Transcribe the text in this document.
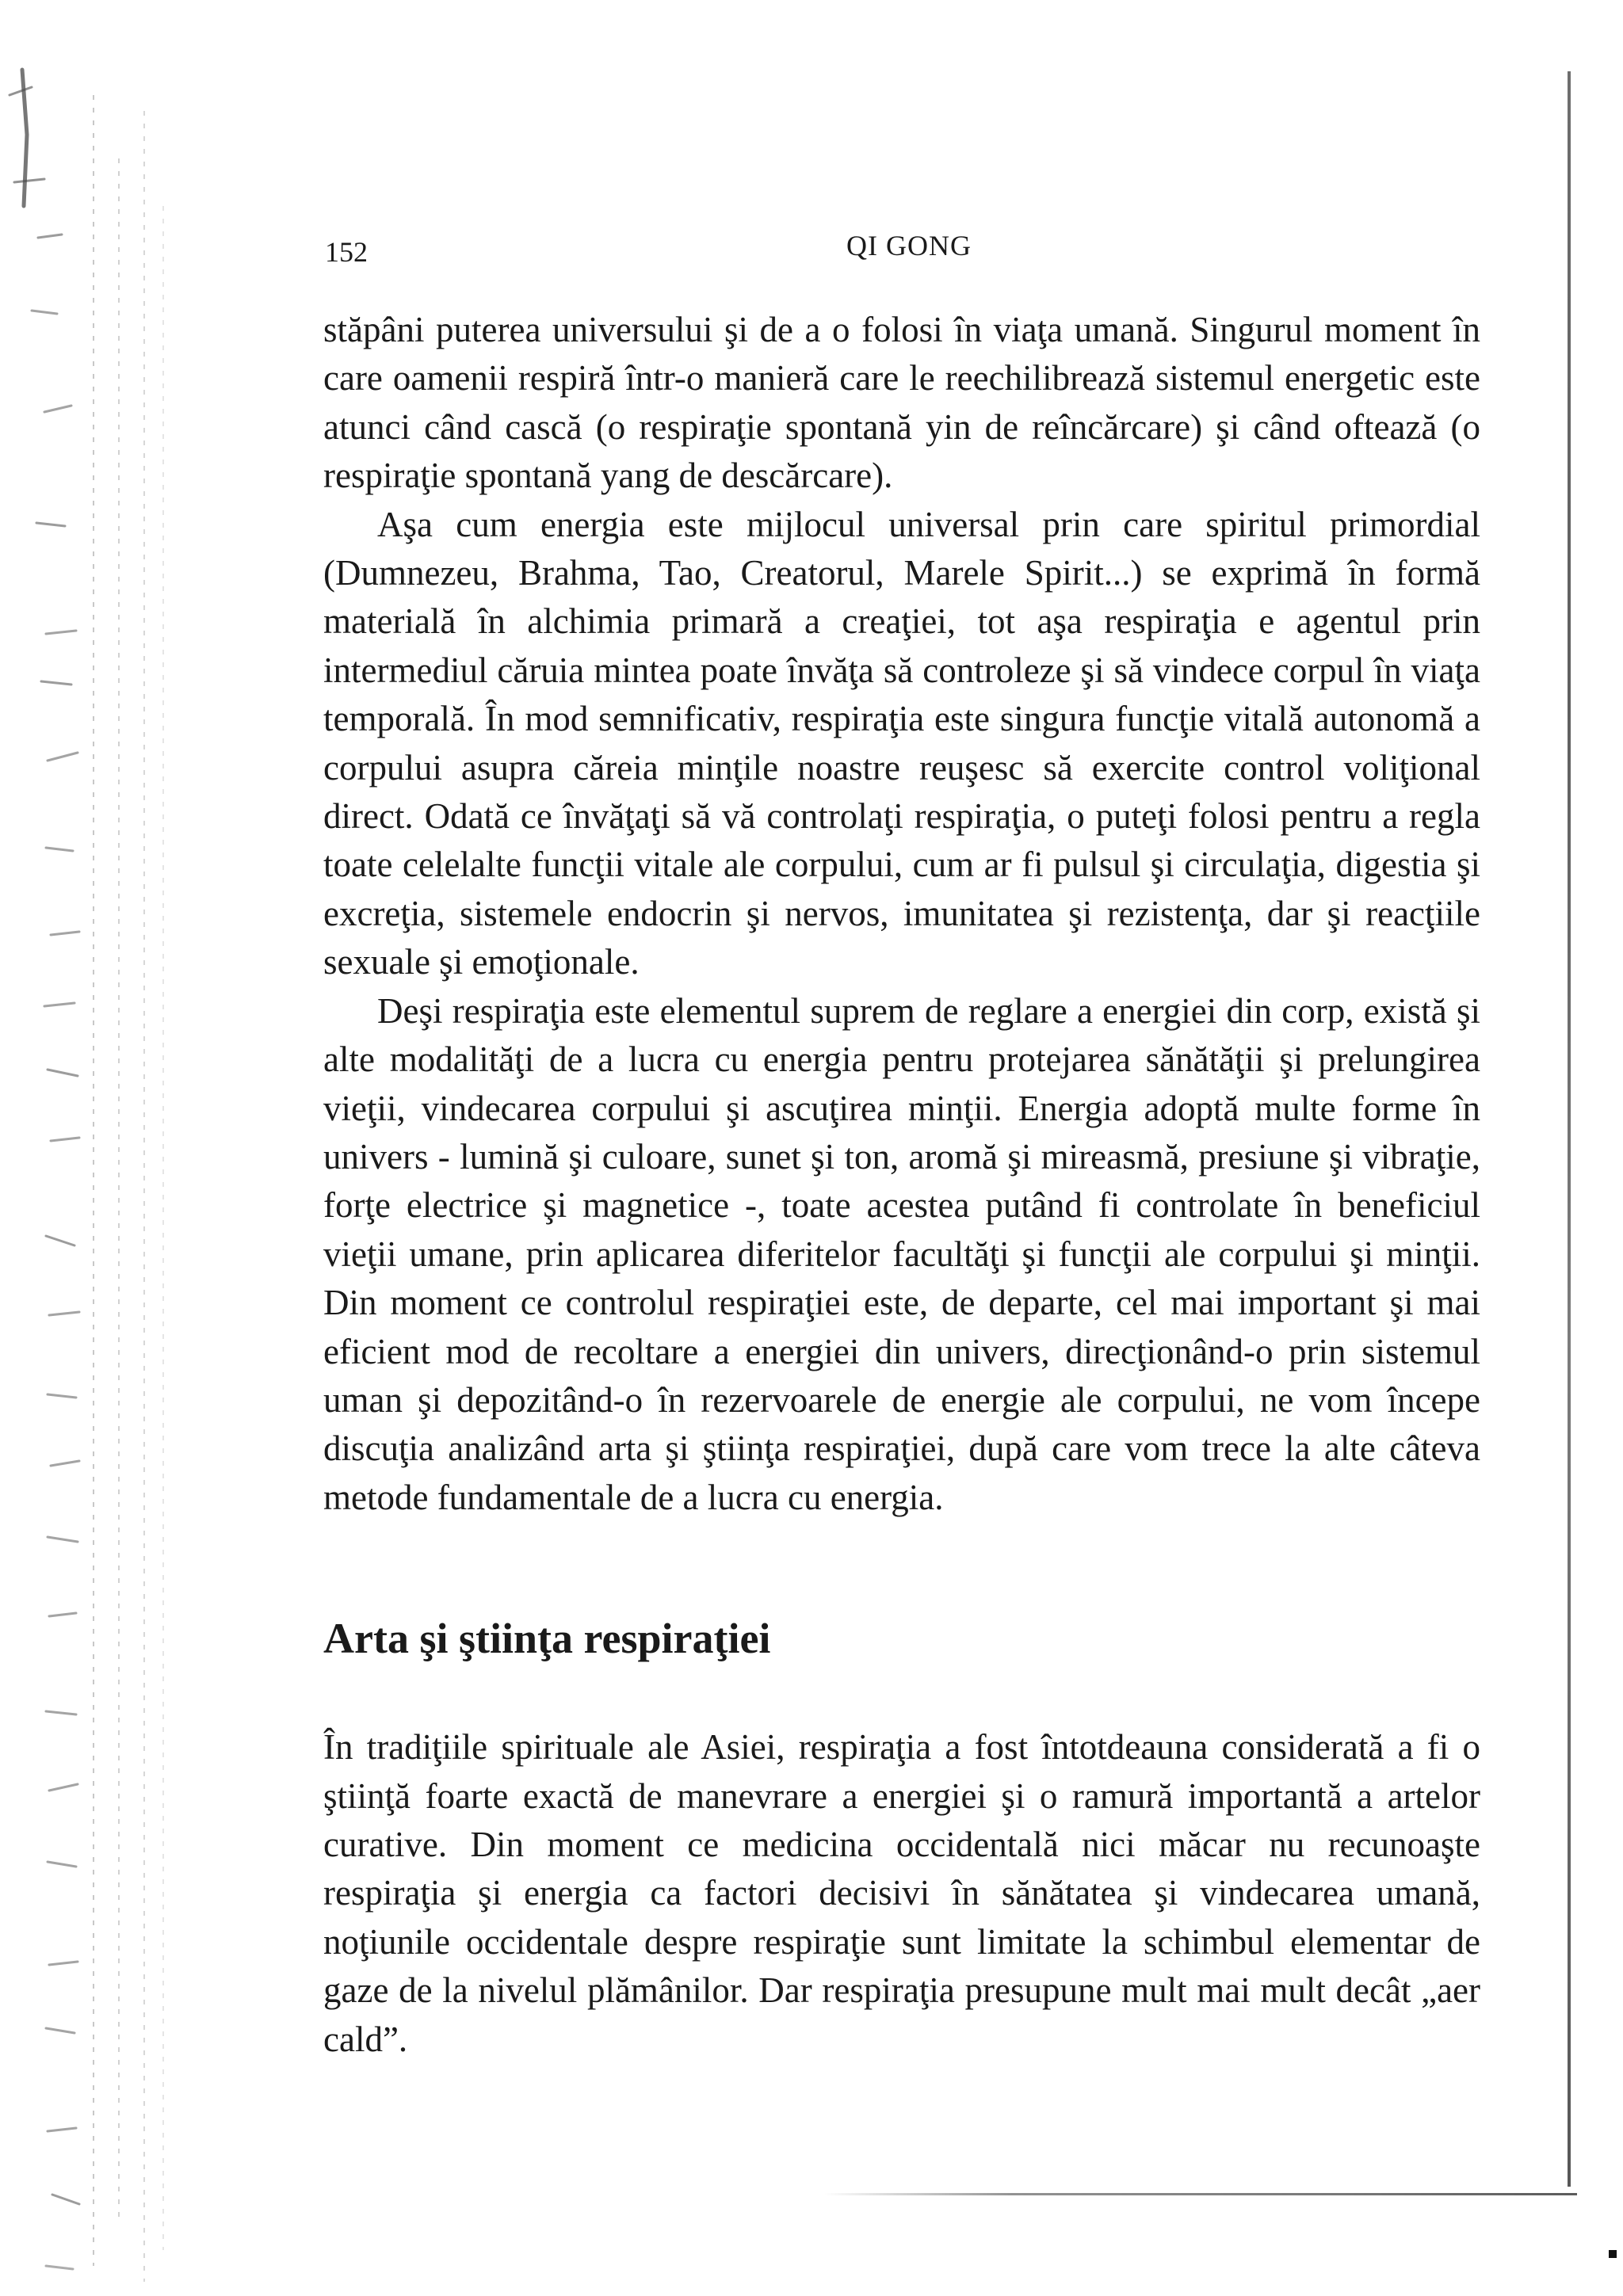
152	QI GONG

stăpâni puterea universului şi de a o folosi în viaţa umană. Singurul moment în care oamenii respiră într-o manieră care le reechilibrează sistemul energetic este atunci când cască (o respiraţie spontană yin de reîncărcare) şi când oftează (o respiraţie spontană yang de descărcare).

Aşa cum energia este mijlocul universal prin care spiritul primordial (Dumnezeu, Brahma, Tao, Creatorul, Marele Spirit...) se exprimă în formă materială în alchimia primară a creaţiei, tot aşa respiraţia e agentul prin intermediul căruia mintea poate învăţa să controleze şi să vindece corpul în viaţa temporală. În mod semnificativ, respiraţia este singura funcţie vitală autonomă a corpului asupra căreia minţile noastre reuşesc să exercite control voliţional direct. Odată ce învăţaţi să vă controlaţi respiraţia, o puteţi folosi pentru a regla toate celelalte funcţii vitale ale corpului, cum ar fi pulsul şi circulaţia, digestia şi excreţia, sistemele endocrin şi nervos, imunitatea şi rezistenţa, dar şi reacţiile sexuale şi emoţionale.

Deşi respiraţia este elementul suprem de reglare a energiei din corp, există şi alte modalităţi de a lucra cu energia pentru protejarea sănătăţii şi prelungirea vieţii, vindecarea corpului şi ascuţirea minţii. Energia adoptă multe forme în univers - lumină şi culoare, sunet şi ton, aromă şi mireasmă, presiune şi vibraţie, forţe electrice şi magnetice -, toate acestea putând fi controlate în beneficiul vieţii umane, prin aplicarea diferitelor facultăţi şi funcţii ale corpului şi minţii. Din moment ce controlul respiraţiei este, de departe, cel mai important şi mai eficient mod de recoltare a energiei din univers, direcţionând-o prin sistemul uman şi depozitând-o în rezervoarele de energie ale corpului, ne vom începe discuţia analizând arta şi ştiinţa respiraţiei, după care vom trece la alte câteva metode fundamentale de a lucra cu energia.

Arta şi ştiinţa respiraţiei

În tradiţiile spirituale ale Asiei, respiraţia a fost întotdeauna considerată a fi o ştiinţă foarte exactă de manevrare a energiei şi o ramură importantă a artelor curative. Din moment ce medicina occidentală nici măcar nu recunoaşte respiraţia şi energia ca factori decisivi în sănătatea şi vindecarea umană, noţiunile occidentale despre respiraţie sunt limitate la schimbul elementar de gaze de la nivelul plămânilor. Dar respiraţia presupune mult mai mult decât „aer cald”.
